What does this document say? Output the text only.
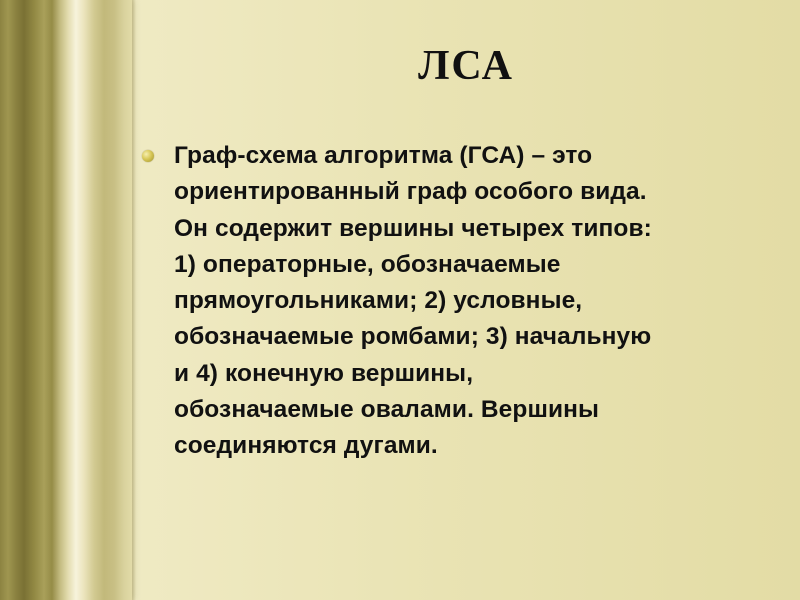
ЛСА
Граф-схема алгоритма (ГСА) – это
ориентированный граф особого вида.
Он содержит вершины четырех типов:
1) операторные, обозначаемые
прямоугольниками; 2) условные,
обозначаемые ромбами; 3) начальную
и 4) конечную вершины,
обозначаемые овалами. Вершины
соединяются дугами.
